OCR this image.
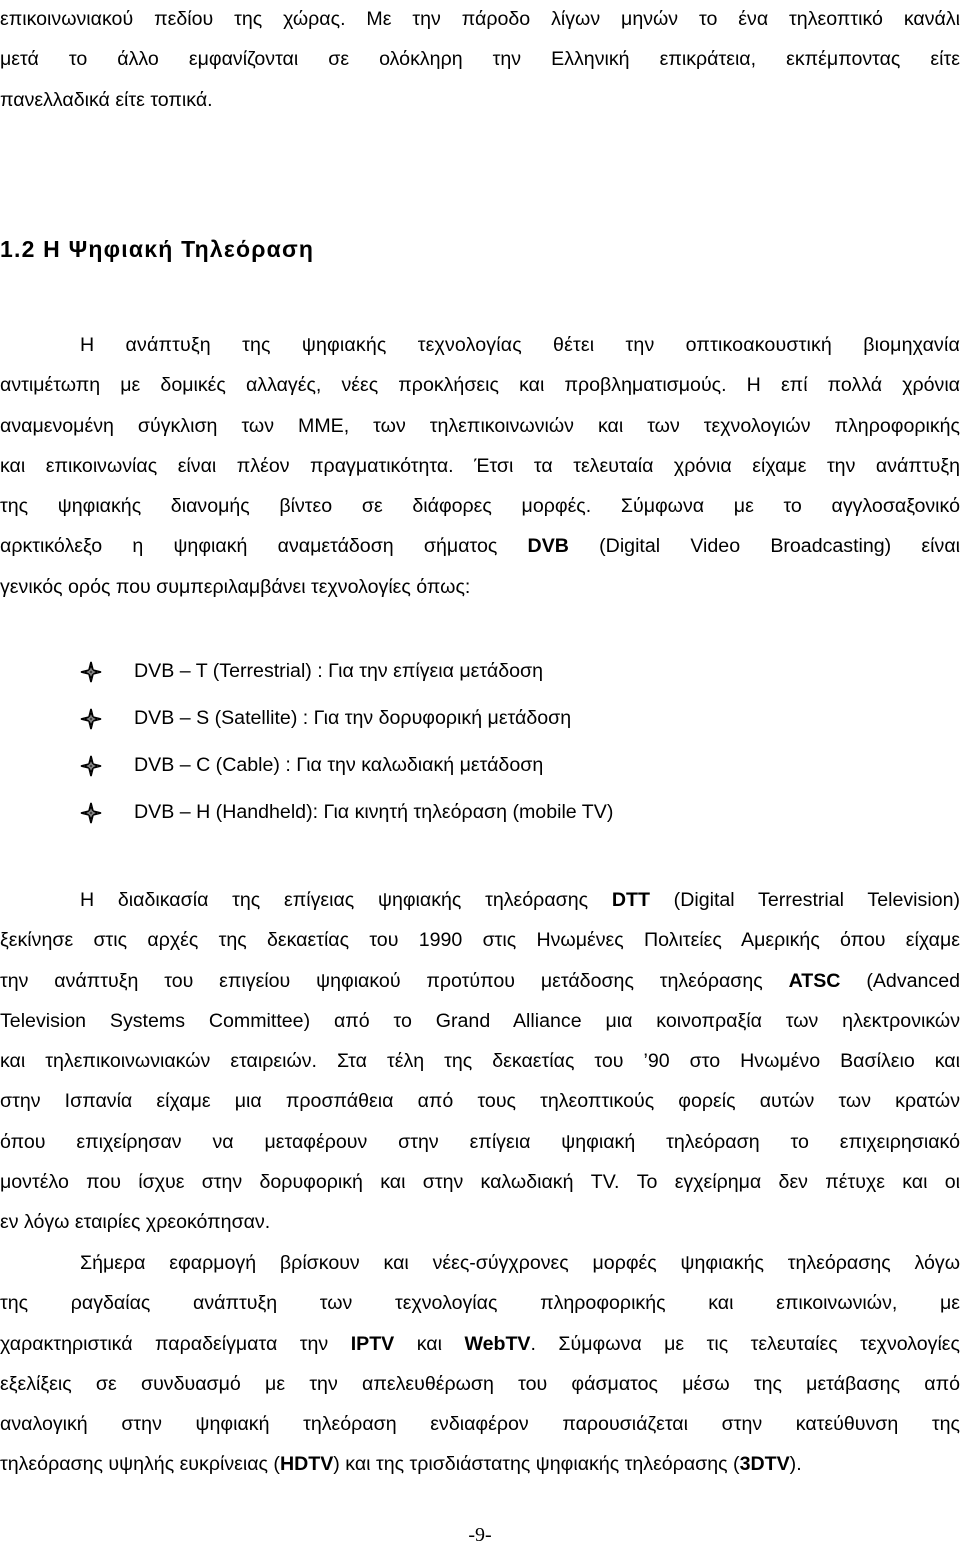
επικοινωνιακού πεδίου της χώρας. Με την πάροδο λίγων μηνών το ένα τηλεοπτικό κανάλι
μετά το άλλο εμφανίζονται σε ολόκληρη την Ελληνική επικράτεια, εκπέμποντας είτε
πανελλαδικά είτε τοπικά.
1.2 Η Ψηφιακή Τηλεόραση
Η ανάπτυξη της ψηφιακής τεχνολογίας θέτει την οπτικοακουστική βιομηχανία
αντιμέτωπη με δομικές αλλαγές, νέες προκλήσεις και προβληματισμούς. Η επί πολλά χρόνια
αναμενομένη σύγκλιση των ΜΜΕ, των τηλεπικοινωνιών και των τεχνολογιών πληροφορικής
και επικοινωνίας είναι πλέον πραγματικότητα. Έτσι τα τελευταία χρόνια είχαμε την ανάπτυξη
της ψηφιακής διανομής βίντεο σε διάφορες μορφές. Σύμφωνα με το αγγλοσαξονικό
αρκτικόλεξο η ψηφιακή αναμετάδοση σήματος DVB (Digital Video Broadcasting) είναι
γενικός ορός που συμπεριλαμβάνει τεχνολογίες όπως:
DVB – T (Terrestrial) : Για την επίγεια μετάδοση
DVB – S (Satellite) : Για την δορυφορική μετάδοση
DVB – C (Cable) : Για την καλωδιακή μετάδοση
DVB – H (Handheld): Για κινητή τηλεόραση (mobile TV)
Η διαδικασία της επίγειας ψηφιακής τηλεόρασης DTT (Digital Terrestrial Television)
ξεκίνησε στις αρχές της δεκαετίας του 1990 στις Ηνωμένες Πολιτείες Αμερικής όπου είχαμε
την ανάπτυξη του επιγείου ψηφιακού προτύπου μετάδοσης τηλεόρασης ATSC (Advanced
Television Systems Committee) από το Grand Alliance μια κοινοπραξία των ηλεκτρονικών
και τηλεπικοινωνιακών εταιρειών. Στα τέλη της δεκαετίας του ’90 στο Ηνωμένο Βασίλειο και
στην Ισπανία είχαμε μια προσπάθεια από τους τηλεοπτικούς φορείς αυτών των κρατών
όπου επιχείρησαν να μεταφέρουν στην επίγεια ψηφιακή τηλεόραση το επιχειρησιακό
μοντέλο που ίσχυε στην δορυφορική και στην καλωδιακή TV. Το εγχείρημα δεν πέτυχε και οι
εν λόγω εταιρίες χρεοκόπησαν.
Σήμερα εφαρμογή βρίσκουν και νέες-σύγχρονες μορφές ψηφιακής τηλεόρασης λόγω
της ραγδαίας ανάπτυξη των τεχνολογίας πληροφορικής και επικοινωνιών, με
χαρακτηριστικά παραδείγματα την IPTV και WebTV. Σύμφωνα με τις τελευταίες τεχνολογίες
εξελίξεις σε συνδυασμό με την απελευθέρωση του φάσματος μέσω της μετάβασης από
αναλογική στην ψηφιακή τηλεόραση ενδιαφέρον παρουσιάζεται στην κατεύθυνση της
τηλεόρασης υψηλής ευκρίνειας (HDTV) και της τρισδιάστατης ψηφιακής τηλεόρασης (3DTV).
-9-
